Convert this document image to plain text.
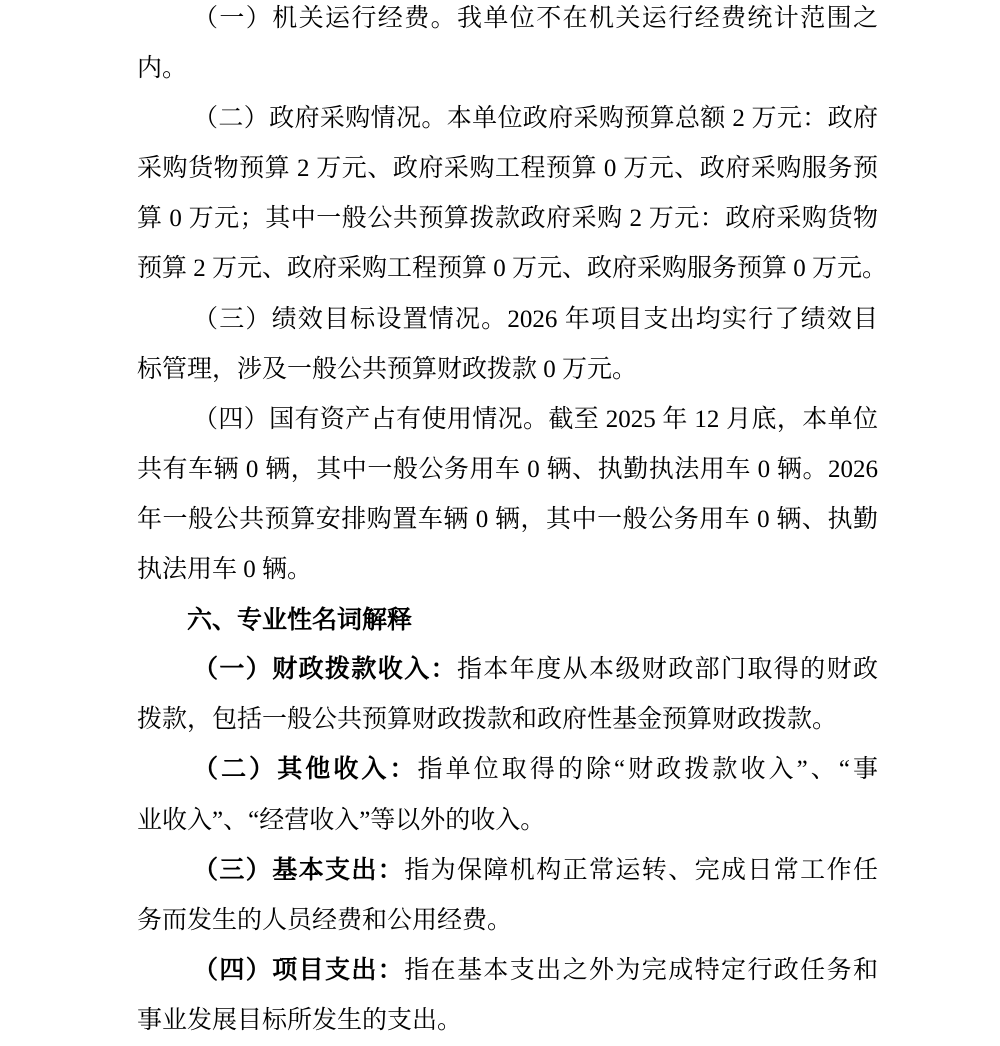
（一）机关运行经费。我单位不在机关运行经费统计范围之
内。
（二）政府采购情况。本单位政府采购预算总额 2 万元：政府
采购货物预算 2 万元、政府采购工程预算 0 万元、政府采购服务预
算 0 万元；其中一般公共预算拨款政府采购 2 万元：政府采购货物
预算 2 万元、政府采购工程预算 0 万元、政府采购服务预算 0 万元。
（三）绩效目标设置情况。2026 年项目支出均实行了绩效目
标管理，涉及一般公共预算财政拨款 0 万元。
（四）国有资产占有使用情况。截至 2025 年 12 月底，本单位
共有车辆 0 辆，其中一般公务用车 0 辆、执勤执法用车 0 辆。2026
年一般公共预算安排购置车辆 0 辆，其中一般公务用车 0 辆、执勤
执法用车 0 辆。
六、专业性名词解释
（一）财政拨款收入：指本年度从本级财政部门取得的财政
拨款，包括一般公共预算财政拨款和政府性基金预算财政拨款。
（二）其他收入：指单位取得的除“财政拨款收入”、“事
业收入”、“经营收入”等以外的收入。
（三）基本支出：指为保障机构正常运转、完成日常工作任
务而发生的人员经费和公用经费。
（四）项目支出：指在基本支出之外为完成特定行政任务和
事业发展目标所发生的支出。
